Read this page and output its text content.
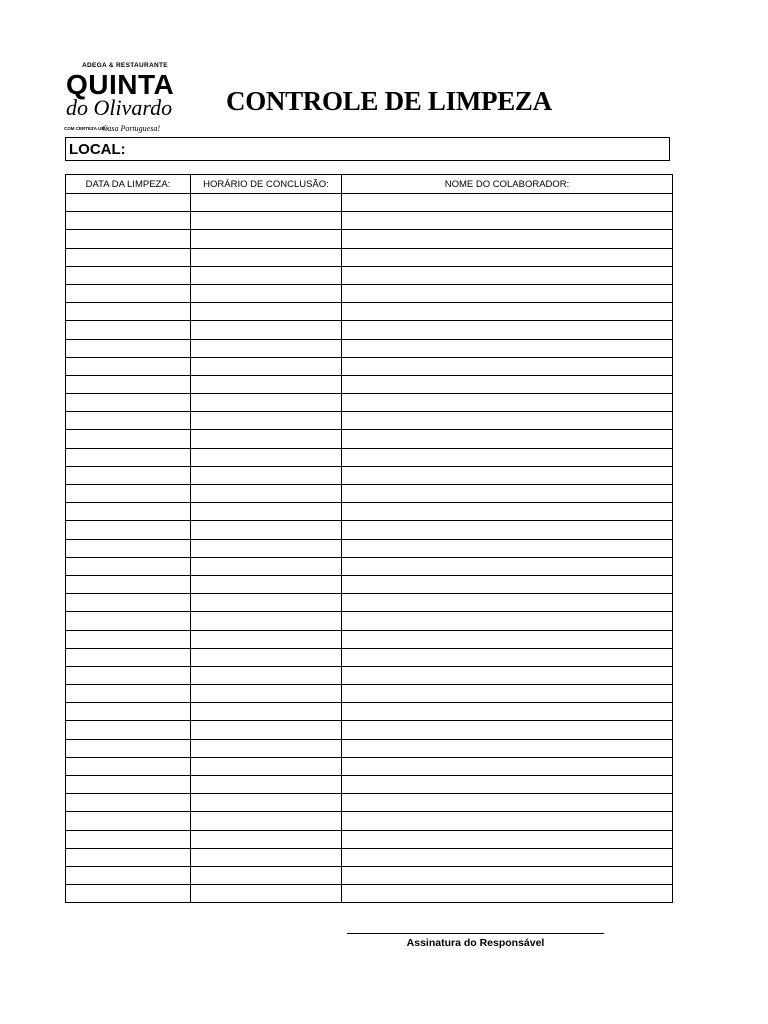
ADEGA & RESTAURANTE
QUINTA
do Olivardo
COM CERTEZA UMA
Casa Portuguesa!
CONTROLE DE LIMPEZA
LOCAL:
DATA DA LIMPEZA:	HORÁRIO DE CONCLUSÃO:	NOME DO COLABORADOR:

Assinatura do Responsável
